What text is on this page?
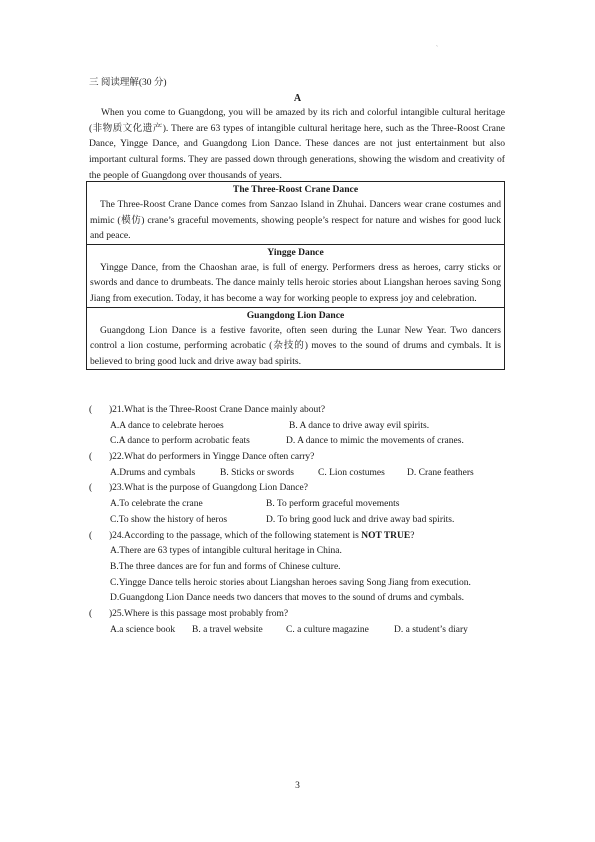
`
三 阅读理解(30 分)
A

When you come to Guangdong, you will be amazed by its rich and colorful intangible cultural heritage (非物质文化遗产). There are 63 types of intangible cultural heritage here, such as the Three-Roost Crane Dance, Yingge Dance, and Guangdong Lion Dance. These dances are not just entertainment but also important cultural forms. They are passed down through generations, showing the wisdom and creativity of the people of Guangdong over thousands of years.

The Three-Roost Crane Dance

The Three-Roost Crane Dance comes from Sanzao Island in Zhuhai. Dancers wear crane costumes and mimic (模仿) crane’s graceful movements, showing people’s respect for nature and wishes for good luck and peace.

Yingge Dance

Yingge Dance, from the Chaoshan arae, is full of energy. Performers dress as heroes, carry sticks or swords and dance to drumbeats. The dance mainly tells heroic stories about Liangshan heroes saving Song Jiang from execution. Today, it has become a way for working people to express joy and celebration.

Guangdong Lion Dance

Guangdong Lion Dance is a festive favorite, often seen during the Lunar New Year. Two dancers control a lion costume, performing acrobatic (杂技的) moves to the sound of drums and cymbals. It is believed to bring good luck and drive away bad spirits.

( )21.What is the Three-Roost Crane Dance mainly about?
A.A dance to celebrate heroes	B. A dance to drive away evil spirits.
C.A dance to perform acrobatic feats	D. A dance to mimic the movements of cranes.
( )22.What do performers in Yingge Dance often carry?
A.Drums and cymbals	B. Sticks or swords	C. Lion costumes D. Crane feathers
( )23.What is the purpose of Guangdong Lion Dance?
A.To celebrate the crane	B. To perform graceful movements
C.To show the history of heros	D. To bring good luck and drive away bad spirits.
( )24.According to the passage, which of the following statement is NOT TRUE?
A.There are 63 types of intangible cultural heritage in China.
B.The three dances are for fun and forms of Chinese culture.
C.Yingge Dance tells heroic stories about Liangshan heroes saving Song Jiang from execution.
D.Guangdong Lion Dance needs two dancers that moves to the sound of drums and cymbals.
( )25.Where is this passage most probably from?
A.a science book B. a travel website C. a culture magazine	D. a student’s diary
3
